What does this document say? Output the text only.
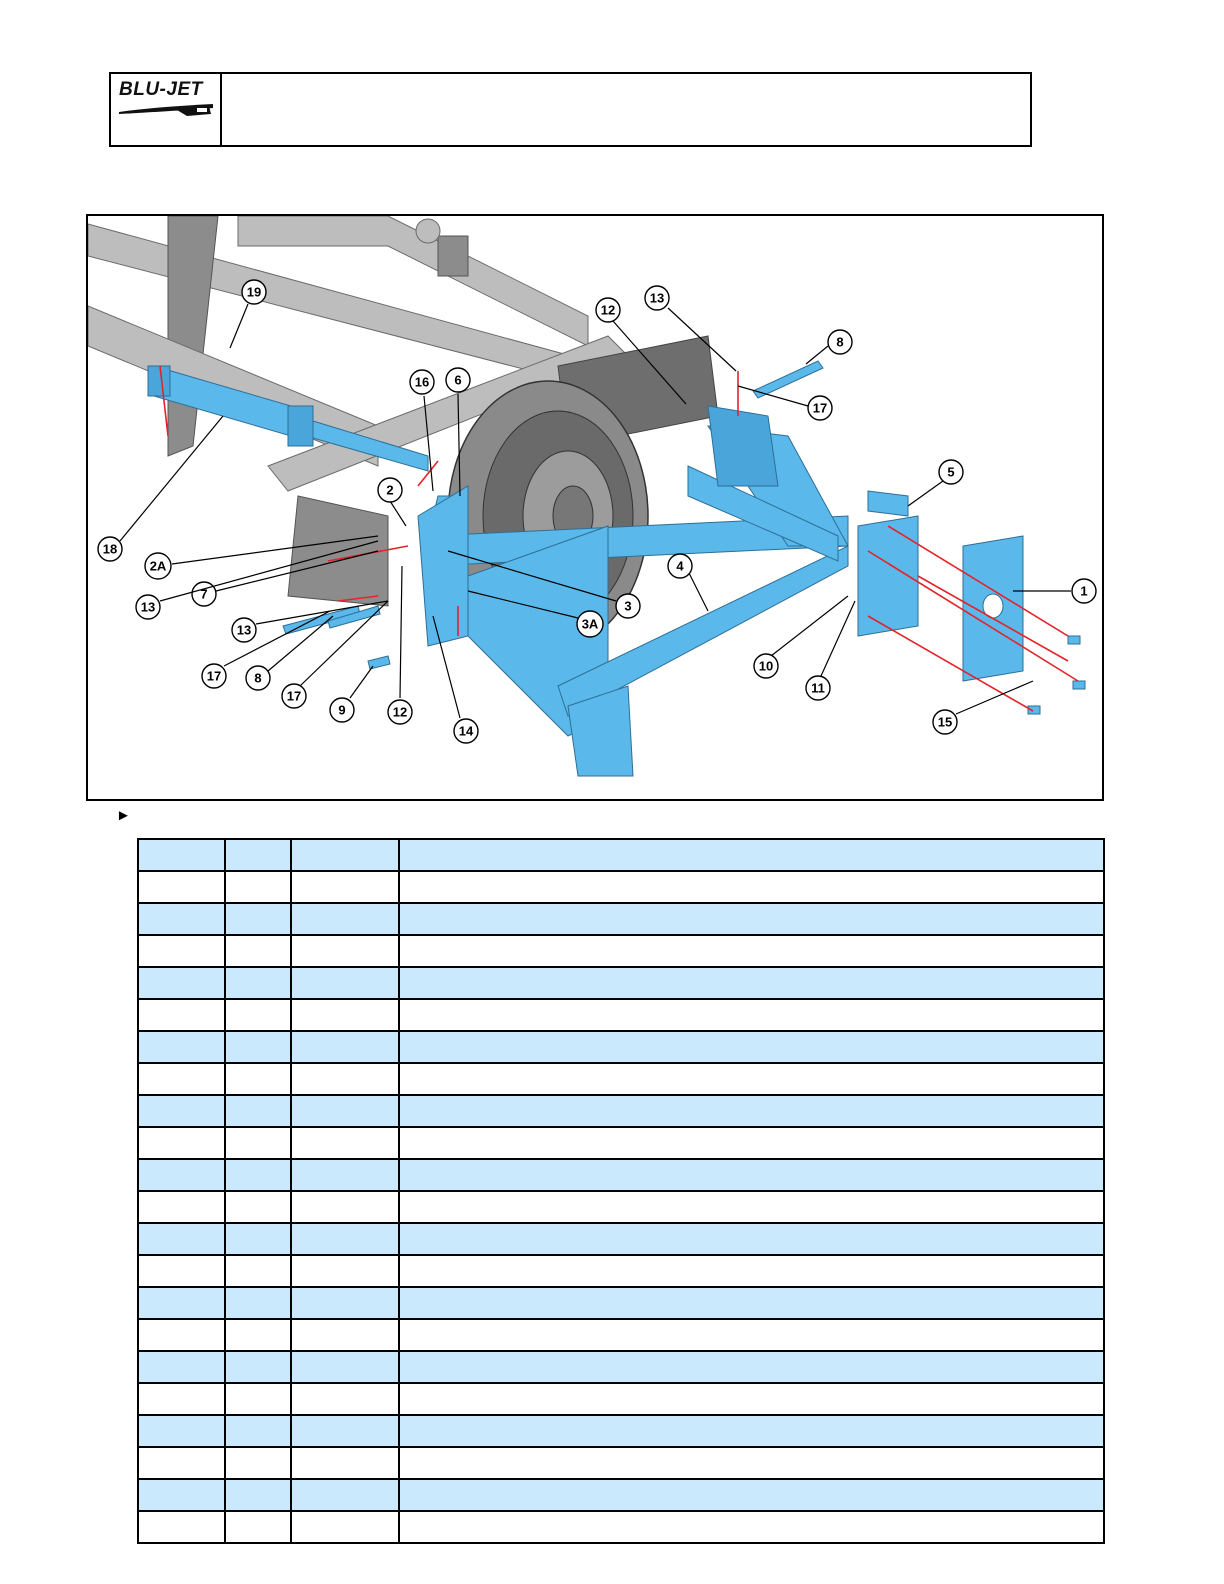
BLU-JET
1
2
2A
3
3A
4
5
6
7
8
8
9
10
11
12
12
13
13
13
14
15
16
17
17
17
18
19
►
